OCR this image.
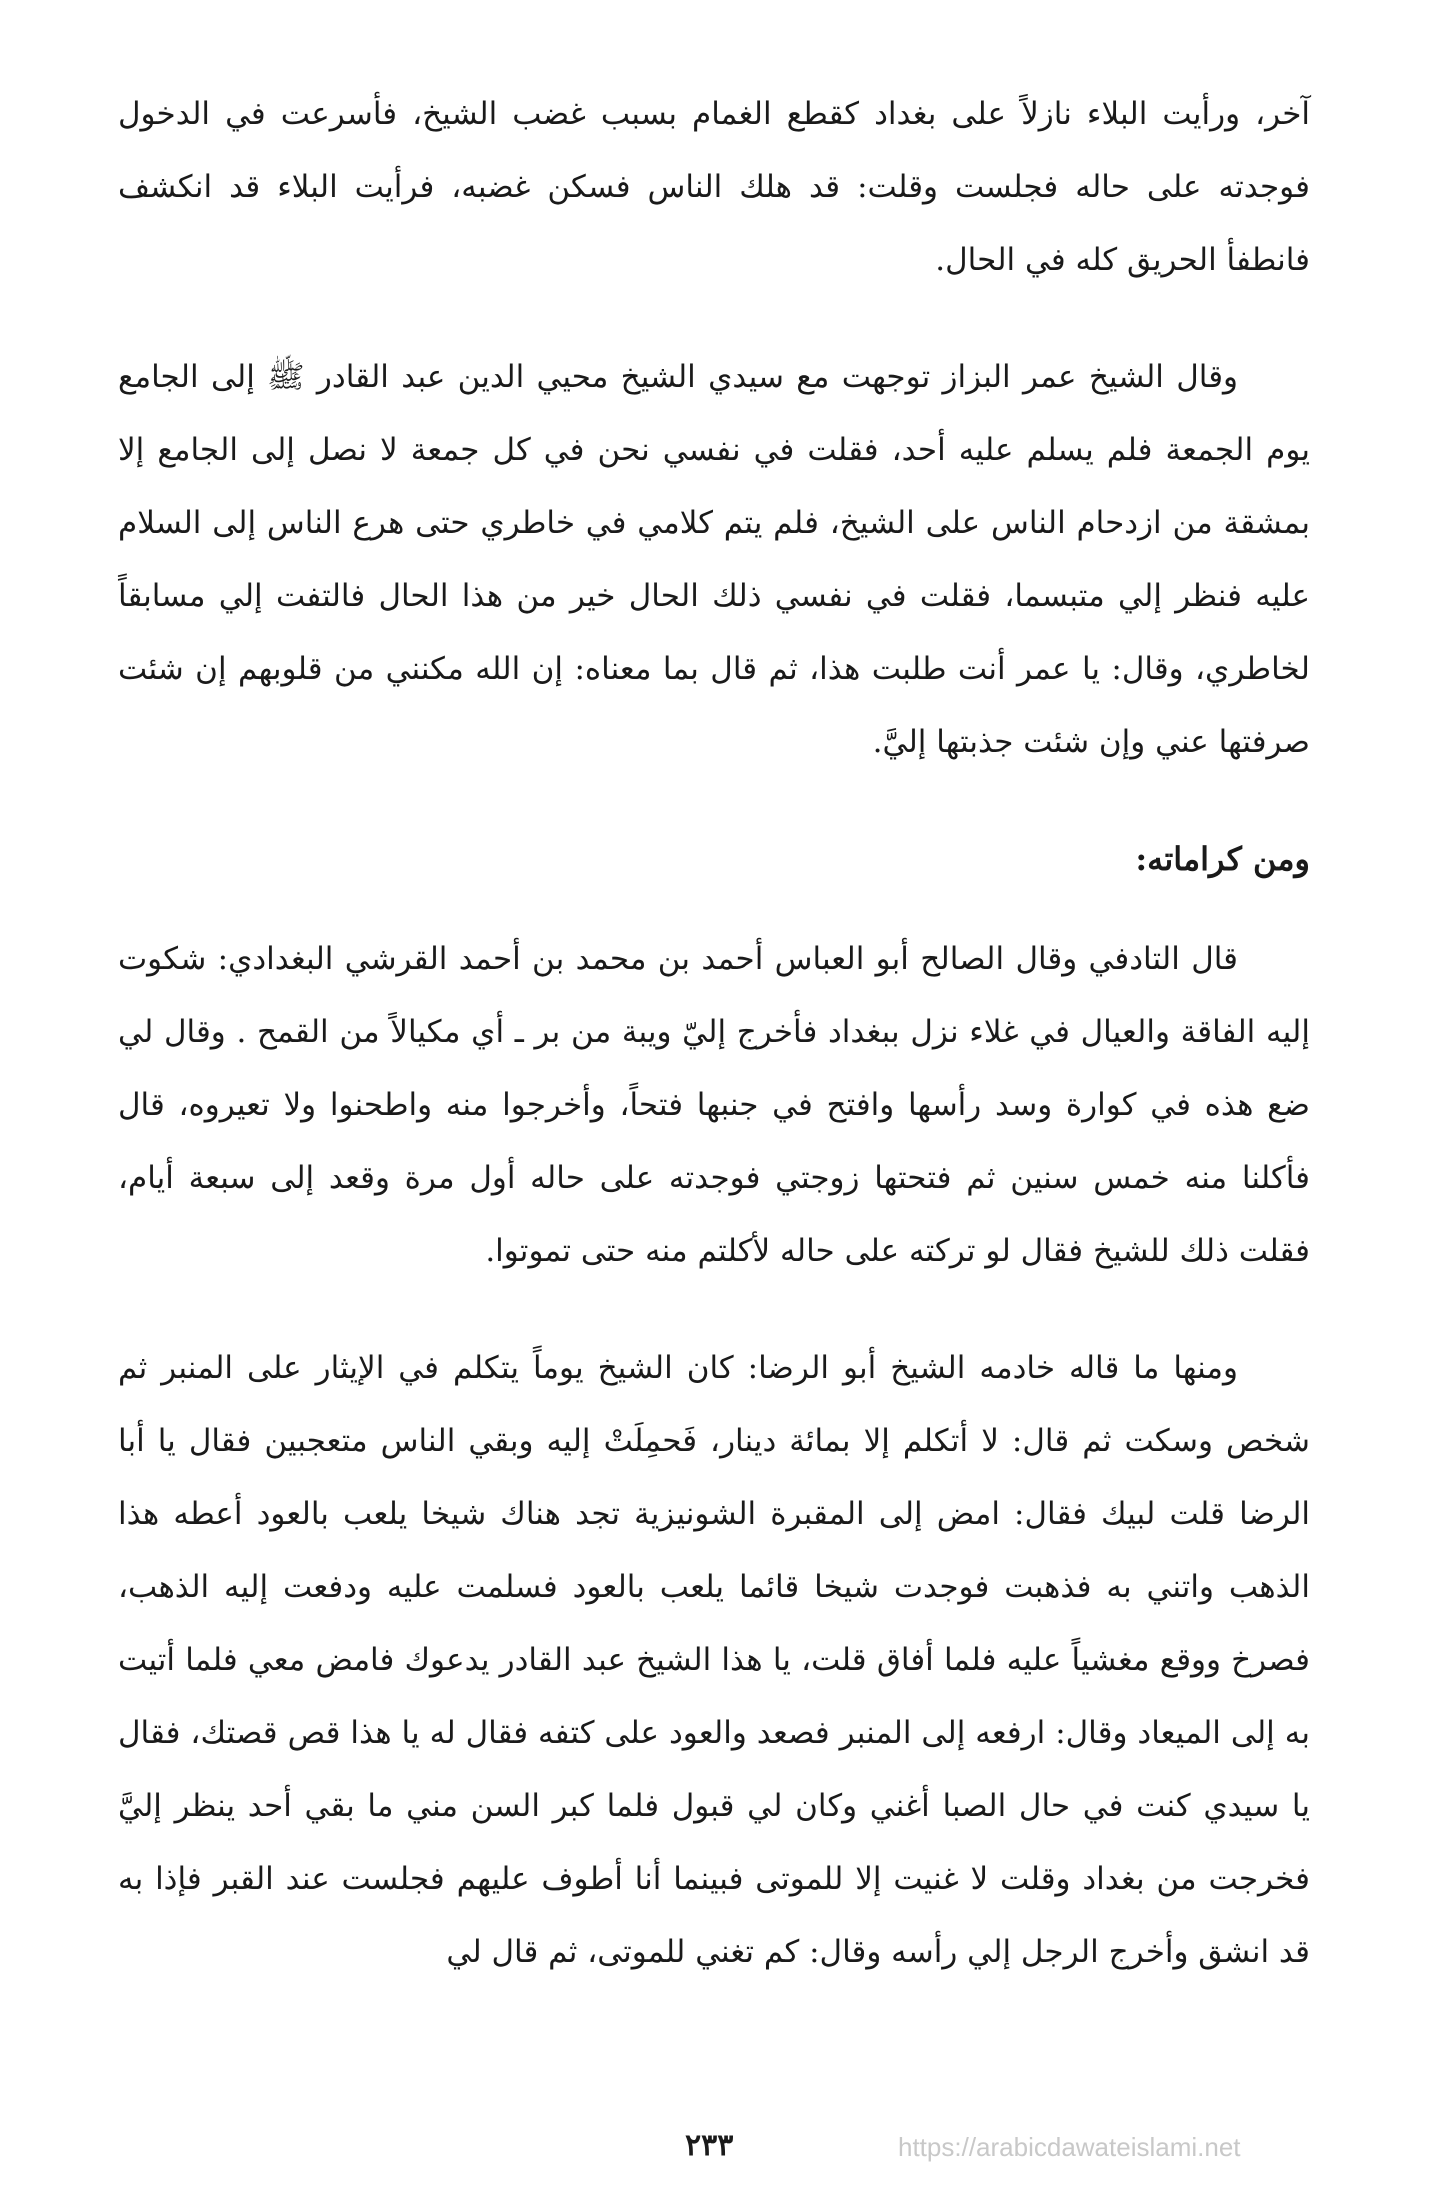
آخر، ورأيت البلاء نازلاً على بغداد كقطع الغمام بسبب غضب الشيخ، فأسرعت في الدخول فوجدته على حاله فجلست وقلت: قد هلك الناس فسكن غضبه، فرأيت البلاء قد انكشف فانطفأ الحريق كله في الحال.

وقال الشيخ عمر البزاز توجهت مع سيدي الشيخ محيي الدين عبد القادر ﷺ إلى الجامع يوم الجمعة فلم يسلم عليه أحد، فقلت في نفسي نحن في كل جمعة لا نصل إلى الجامع إلا بمشقة من ازدحام الناس على الشيخ، فلم يتم كلامي في خاطري حتى هرع الناس إلى السلام عليه فنظر إلي متبسما، فقلت في نفسي ذلك الحال خير من هذا الحال فالتفت إلي مسابقاً لخاطري، وقال: يا عمر أنت طلبت هذا، ثم قال بما معناه: إن الله مكنني من قلوبهم إن شئت صرفتها عني وإن شئت جذبتها إليَّ.

ومن كراماته:

قال التادفي وقال الصالح أبو العباس أحمد بن محمد بن أحمد القرشي البغدادي: شكوت إليه الفاقة والعيال في غلاء نزل ببغداد فأخرج إليّ ويبة من بر ـ أي مكيالاً من القمح . وقال لي ضع هذه في كوارة وسد رأسها وافتح في جنبها فتحاً، وأخرجوا منه واطحنوا ولا تعيروه، قال فأكلنا منه خمس سنين ثم فتحتها زوجتي فوجدته على حاله أول مرة وقعد إلى سبعة أيام، فقلت ذلك للشيخ فقال لو تركته على حاله لأكلتم منه حتى تموتوا.

ومنها ما قاله خادمه الشيخ أبو الرضا: كان الشيخ يوماً يتكلم في الإيثار على المنبر ثم شخص وسكت ثم قال: لا أتكلم إلا بمائة دينار، فَحمِلَتْ إليه وبقي الناس متعجبين فقال يا أبا الرضا قلت لبيك فقال: امض إلى المقبرة الشونيزية تجد هناك شيخا يلعب بالعود أعطه هذا الذهب واتني به فذهبت فوجدت شيخا قائما يلعب بالعود فسلمت عليه ودفعت إليه الذهب، فصرخ ووقع مغشياً عليه فلما أفاق قلت، يا هذا الشيخ عبد القادر يدعوك فامض معي فلما أتيت به إلى الميعاد وقال: ارفعه إلى المنبر فصعد والعود على كتفه فقال له يا هذا قص قصتك، فقال يا سيدي كنت في حال الصبا أغني وكان لي قبول فلما كبر السن مني ما بقي أحد ينظر إليَّ فخرجت من بغداد وقلت لا غنيت إلا للموتى فبينما أنا أطوف عليهم فجلست عند القبر فإذا به قد انشق وأخرج الرجل إلي رأسه وقال: كم تغني للموتى، ثم قال لي

٢٣٣	https://arabicdawateislami.net
